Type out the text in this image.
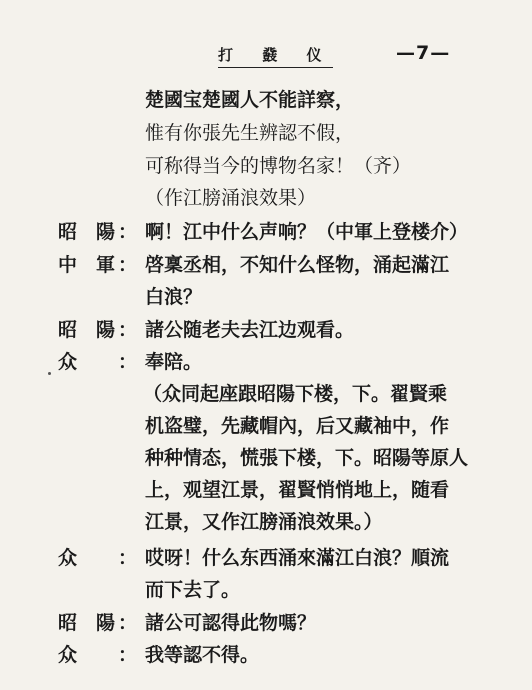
打 鼗 仪	—7—
楚國宝楚國人不能詳察，
惟有你張先生辨認不假，
可称得当今的博物名家！（齐）
（作江膀涌浪效果）
昭　陽 ： 啊！江中什么声响？（中軍上登楼介）
中　軍 ： 啓稟丞相，不知什么怪物，涌起滿江
白浪？
昭　陽 ： 諸公随老夫去江边观看。
众 ： 奉陪。
（众同起座跟昭陽下楼，下。翟賢乘
机盗璧，先藏帽內，后又藏袖中，作
种种情态，慌張下楼，下。昭陽等原人
上，观望江景，翟賢悄悄地上，随看
江景，又作江膀涌浪效果。）
众 ： 哎呀！什么东西涌來滿江白浪？順流
而下去了。
昭　陽 ： 諸公可認得此物嗎？
众 ： 我等認不得。
